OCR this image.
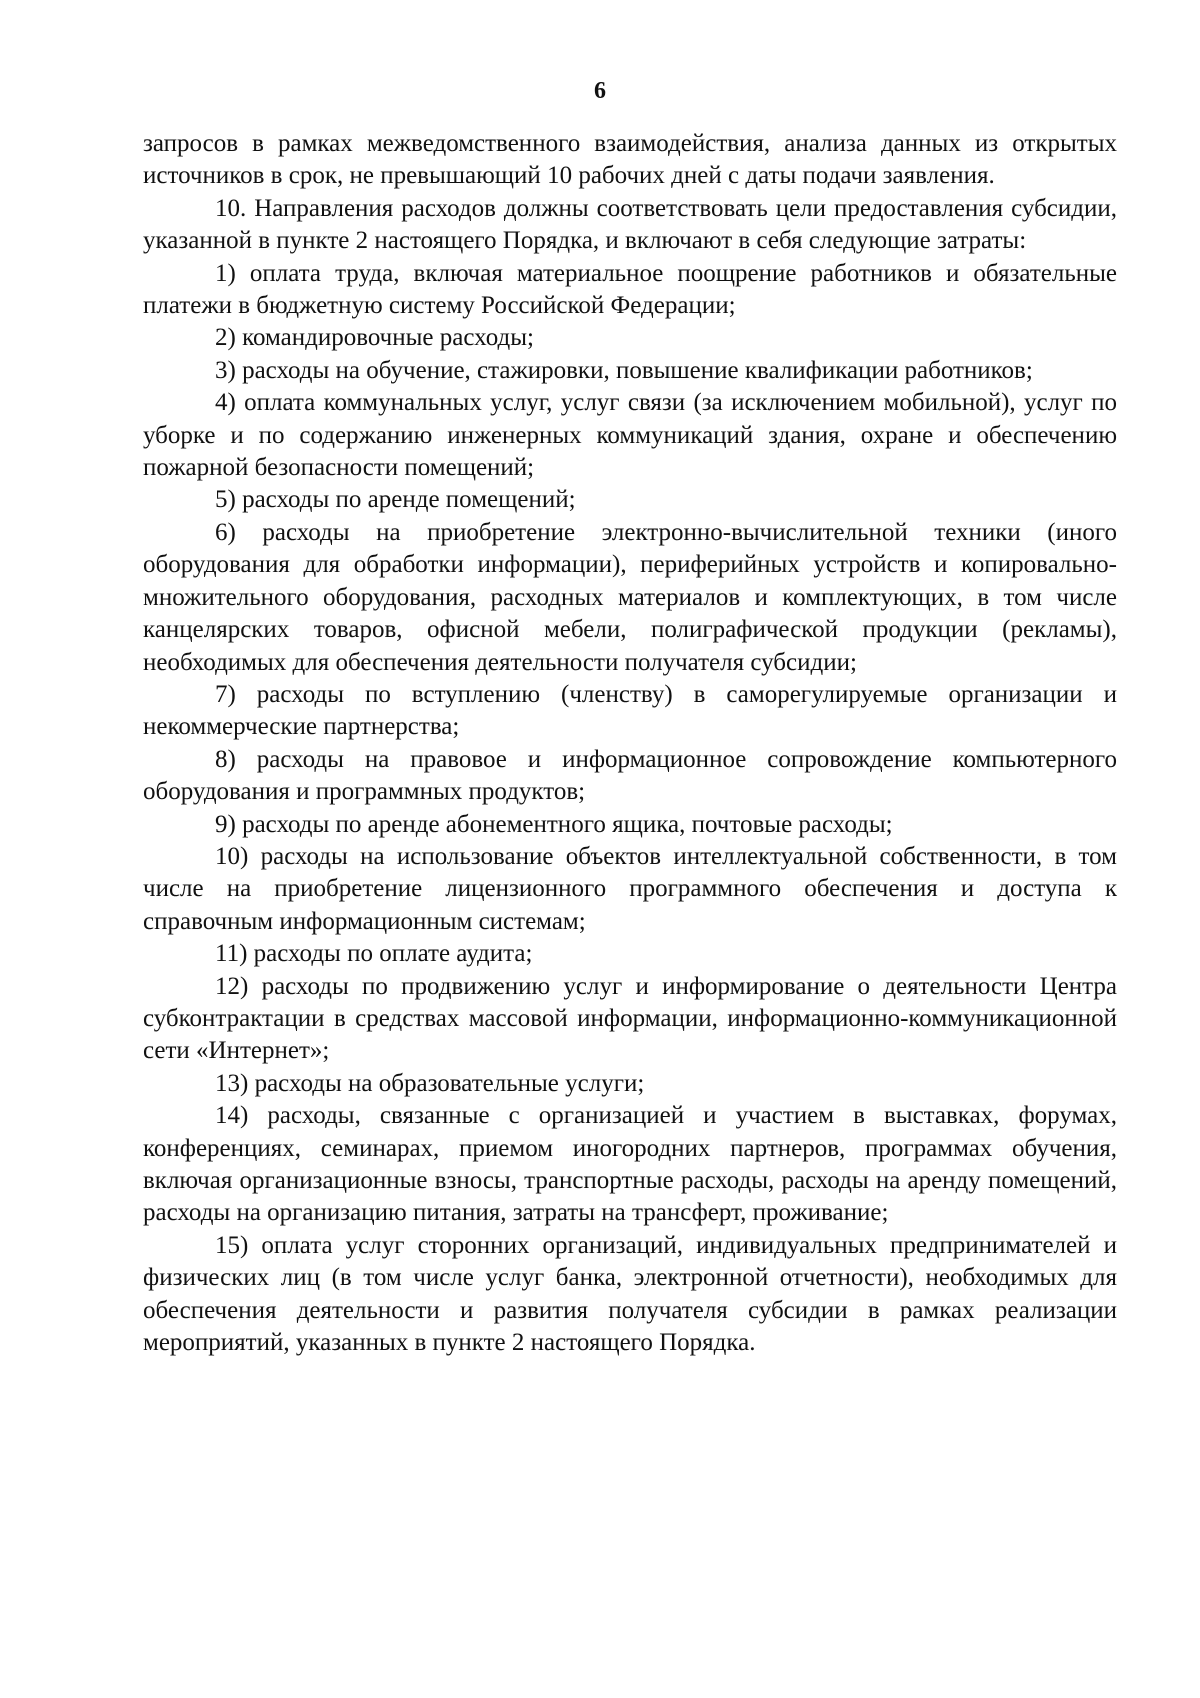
6

запросов в рамках межведомственного взаимодействия, анализа данных из открытых источников в срок, не превышающий 10 рабочих дней с даты подачи заявления.

10. Направления расходов должны соответствовать цели предоставления субсидии, указанной в пункте 2 настоящего Порядка, и включают в себя следующие затраты:

1) оплата труда, включая материальное поощрение работников и обязательные платежи в бюджетную систему Российской Федерации;

2) командировочные расходы;

3) расходы на обучение, стажировки, повышение квалификации работников;

4) оплата коммунальных услуг, услуг связи (за исключением мобильной), услуг по уборке и по содержанию инженерных коммуникаций здания, охране и обеспечению пожарной безопасности помещений;

5) расходы по аренде помещений;

6) расходы на приобретение электронно-вычислительной техники (иного оборудования для обработки информации), периферийных устройств и копировально-множительного оборудования, расходных материалов и комплектующих, в том числе канцелярских товаров, офисной мебели, полиграфической продукции (рекламы), необходимых для обеспечения деятельности получателя субсидии;

7) расходы по вступлению (членству) в саморегулируемые организации и некоммерческие партнерства;

8) расходы на правовое и информационное сопровождение компьютерного оборудования и программных продуктов;

9) расходы по аренде абонементного ящика, почтовые расходы;

10) расходы на использование объектов интеллектуальной собственности, в том числе на приобретение лицензионного программного обеспечения и доступа к справочным информационным системам;

11) расходы по оплате аудита;

12) расходы по продвижению услуг и информирование о деятельности Центра субконтрактации в средствах массовой информации, информационно-коммуникационной сети «Интернет»;

13) расходы на образовательные услуги;

14) расходы, связанные с организацией и участием в выставках, форумах, конференциях, семинарах, приемом иногородних партнеров, программах обучения, включая организационные взносы, транспортные расходы, расходы на аренду помещений, расходы на организацию питания, затраты на трансферт, проживание;

15) оплата услуг сторонних организаций, индивидуальных предпринимателей и физических лиц (в том числе услуг банка, электронной отчетности), необходимых для обеспечения деятельности и развития получателя субсидии в рамках реализации мероприятий, указанных в пункте 2 настоящего Порядка.
